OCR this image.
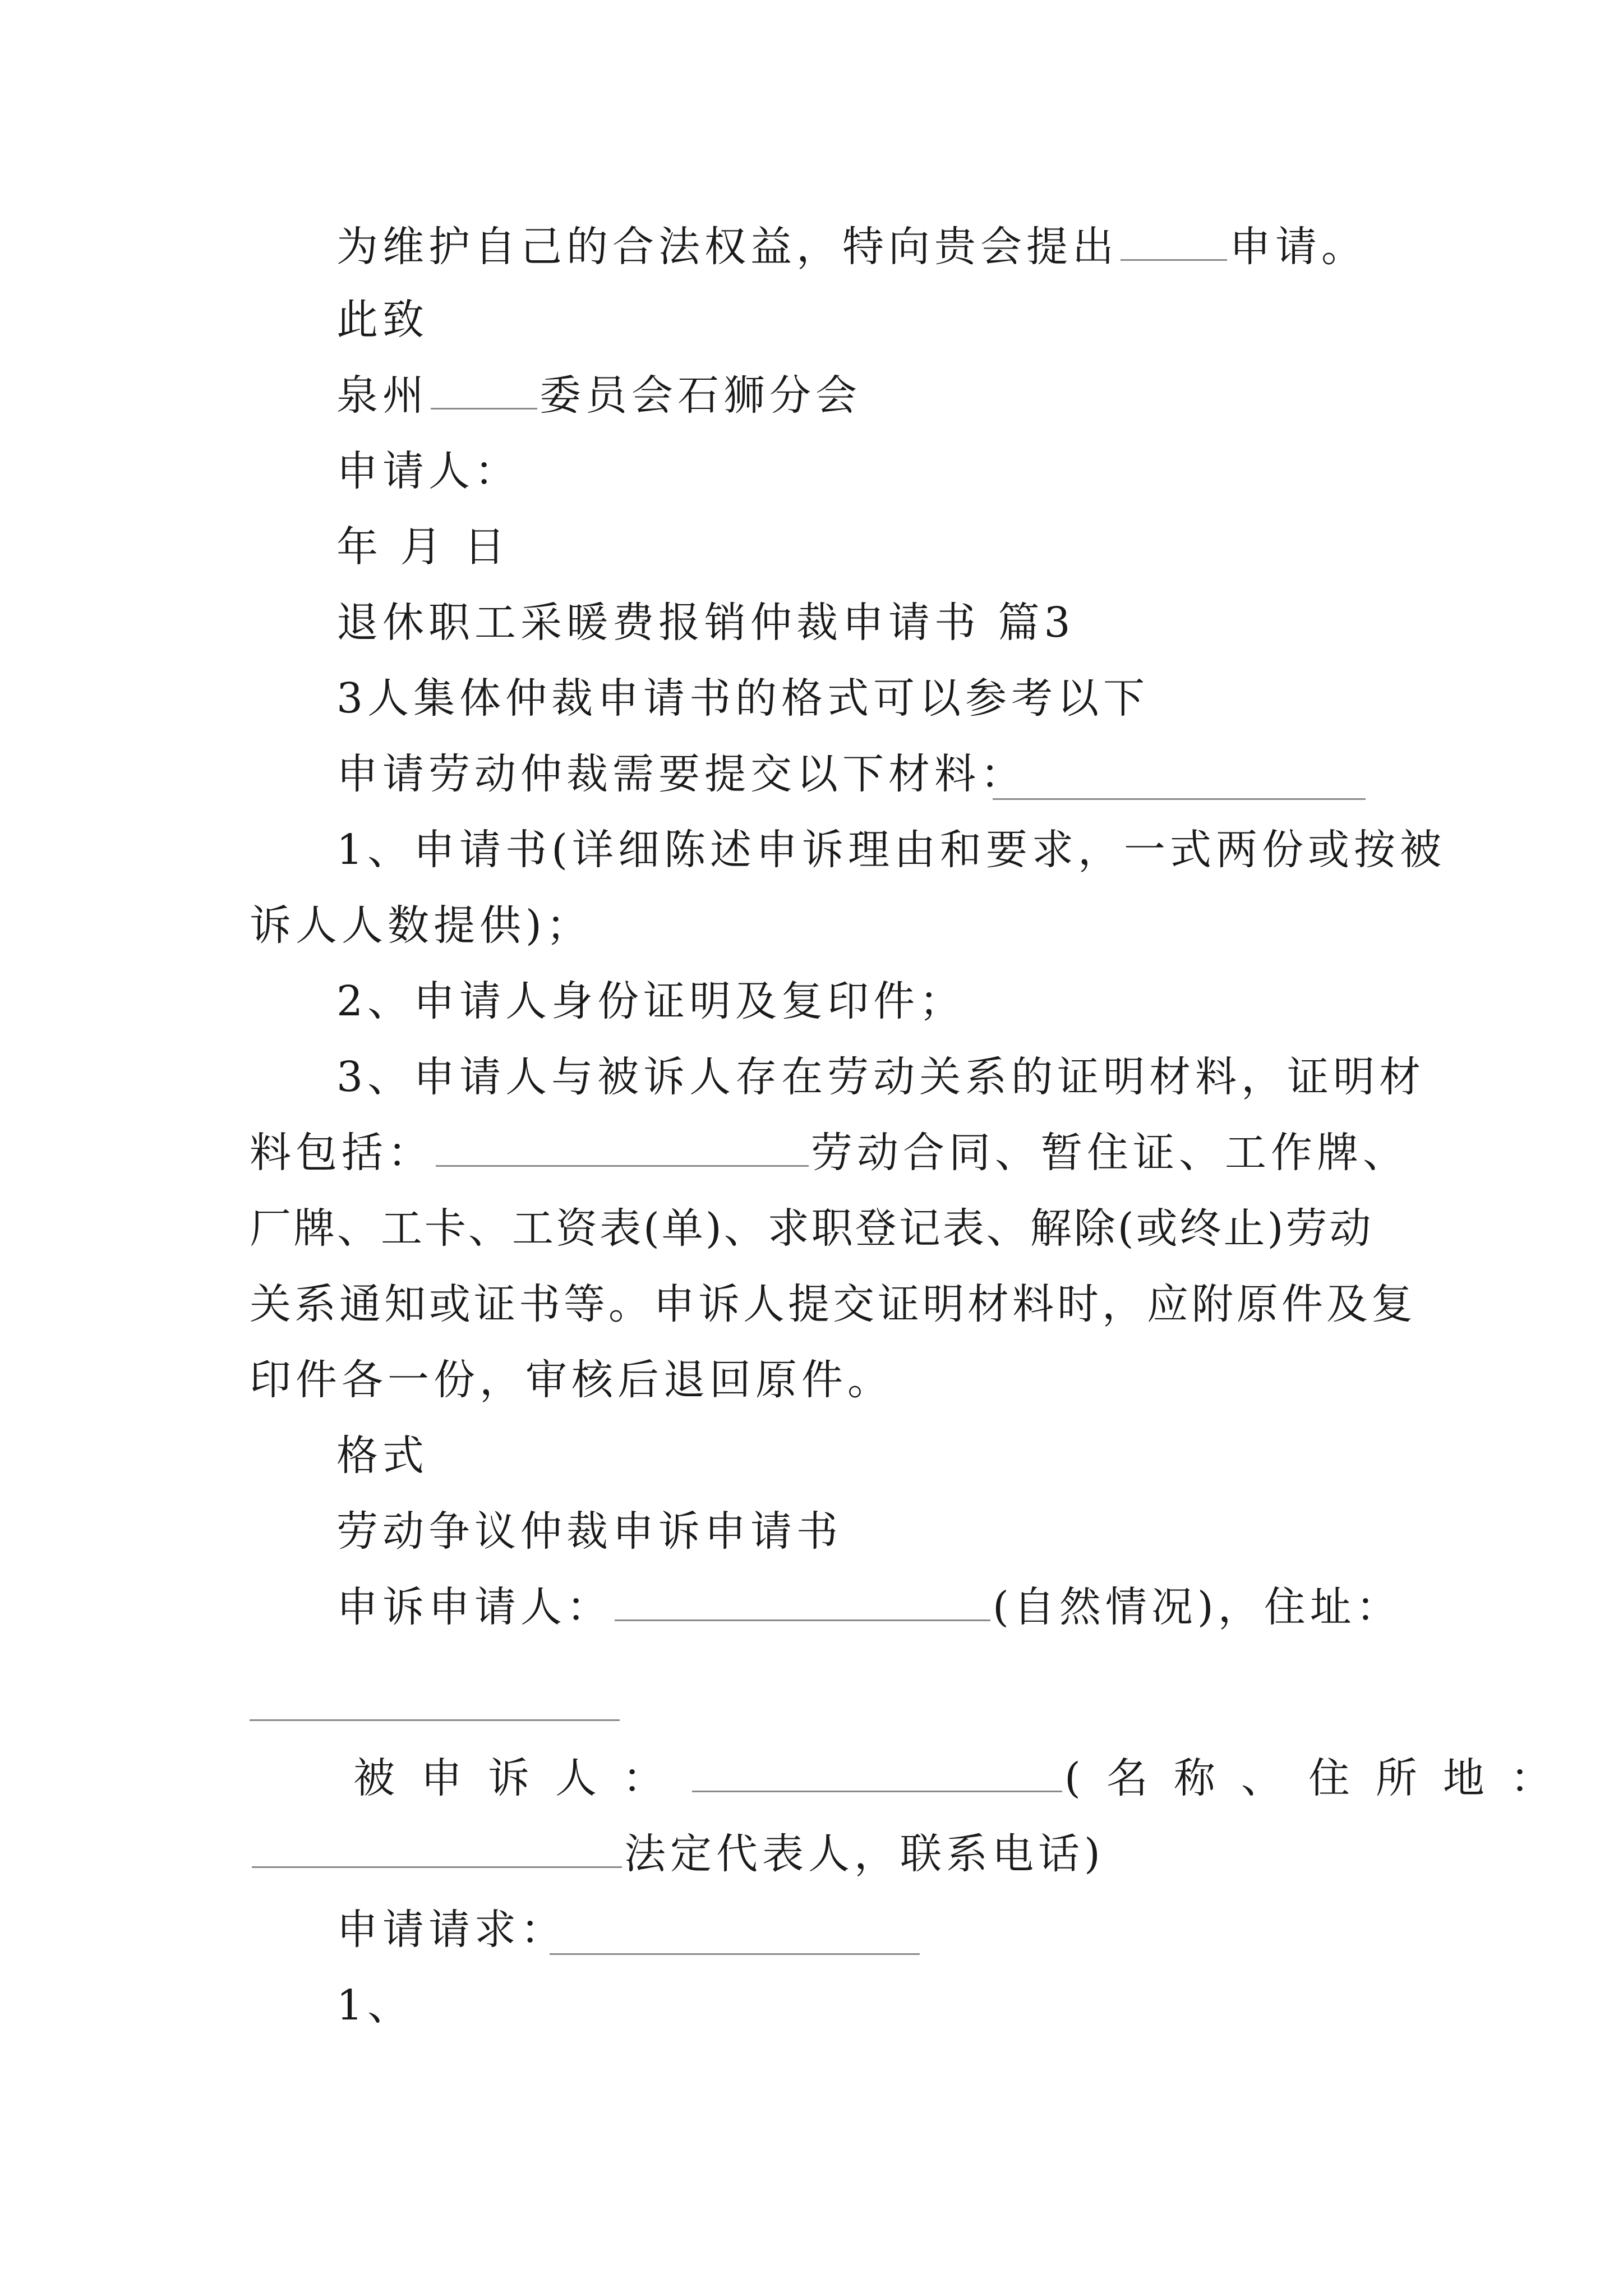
为维护自己的合法权益，特向贵会提出	申请。
此致
泉州	委员会石狮分会
申请人：
年 月 日
退休职工采暖费报销仲裁申请书 篇3
3人集体仲裁申请书的格式可以参考以下
申请劳动仲裁需要提交以下材料：
1、申请书(详细陈述申诉理由和要求，一式两份或按被
诉人人数提供)；
2、申请人身份证明及复印件；
3、申请人与被诉人存在劳动关系的证明材料，证明材
料包括：	劳动合同、暂住证、工作牌、
厂牌、工卡、工资表(单)、求职登记表、解除(或终止)劳动
关系通知或证书等。申诉人提交证明材料时，应附原件及复
印件各一份，审核后退回原件。
格式
劳动争议仲裁申诉申请书
申诉申请人：	(自然情况)，住址：
被申诉人：	(名称、住所地：
法定代表人，联系电话)
申请请求：
1、
